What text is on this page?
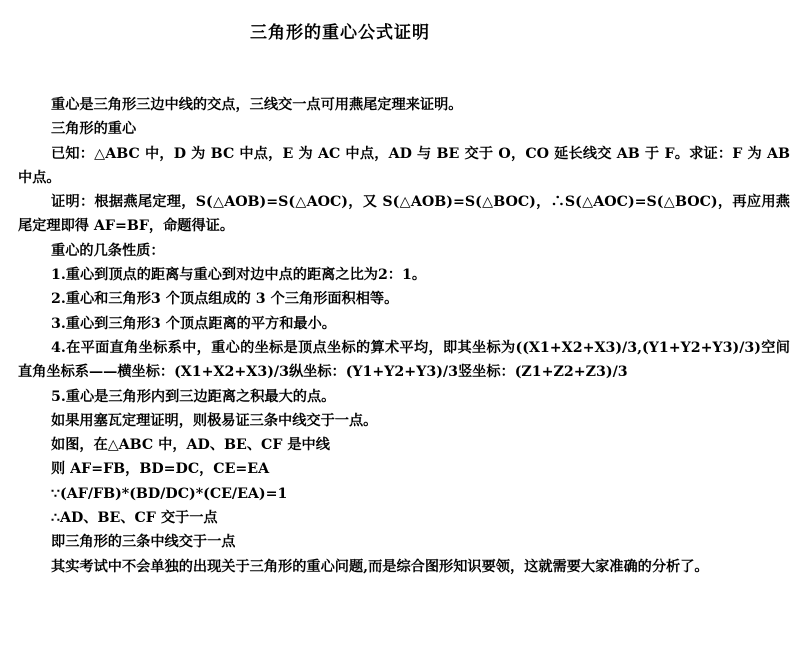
三角形的重心公式证明

重心是三角形三边中线的交点，三线交一点可用燕尾定理来证明。

三角形的重心

已知：△ABC 中，D 为 BC 中点，E 为 AC 中点，AD 与 BE 交于 O，CO 延长线交 AB 于 F。求证：F 为 AB 中点。

证明：根据燕尾定理，S(△AOB)=S(△AOC)，又 S(△AOB)=S(△BOC)，∴S(△AOC)=S(△BOC)，再应用燕尾定理即得 AF=BF，命题得证。

重心的几条性质：

1.重心到顶点的距离与重心到对边中点的距离之比为2：1。

2.重心和三角形3 个顶点组成的 3 个三角形面积相等。

3.重心到三角形3 个顶点距离的平方和最小。

4.在平面直角坐标系中，重心的坐标是顶点坐标的算术平均，即其坐标为((X1+X2+X3)/3,(Y1+Y2+Y3)/3)空间直角坐标系——横坐标：(X1+X2+X3)/3纵坐标：(Y1+Y2+Y3)/3竖坐标：(Z1+Z2+Z3)/3

5.重心是三角形内到三边距离之积最大的点。

如果用塞瓦定理证明，则极易证三条中线交于一点。

如图，在△ABC 中，AD、BE、CF 是中线

则 AF=FB，BD=DC，CE=EA

∵(AF/FB)*(BD/DC)*(CE/EA)=1

∴AD、BE、CF 交于一点

即三角形的三条中线交于一点

其实考试中不会单独的出现关于三角形的重心问题,而是综合图形知识要领，这就需要大家准确的分析了。
